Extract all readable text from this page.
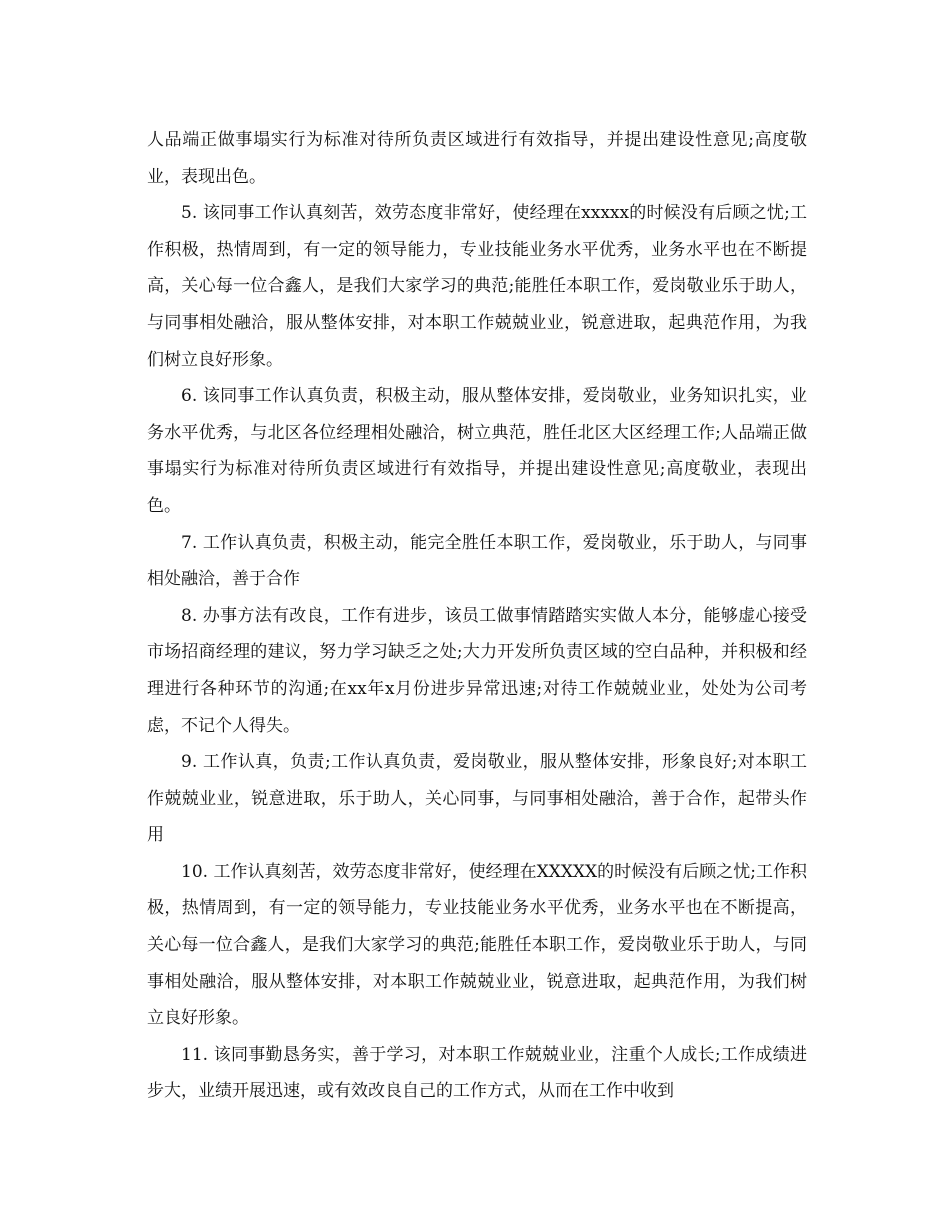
人品端正做事塌实行为标准对待所负责区域进行有效指导，并提出建设性意见;高度敬业，表现出色。

5. 该同事工作认真刻苦，效劳态度非常好，使经理在xxxxx的时候没有后顾之忧;工作积极，热情周到，有一定的领导能力，专业技能业务水平优秀，业务水平也在不断提高，关心每一位合鑫人，是我们大家学习的典范;能胜任本职工作，爱岗敬业乐于助人，与同事相处融洽，服从整体安排，对本职工作兢兢业业，锐意进取，起典范作用，为我们树立良好形象。

6. 该同事工作认真负责，积极主动，服从整体安排，爱岗敬业，业务知识扎实，业务水平优秀，与北区各位经理相处融洽，树立典范，胜任北区大区经理工作;人品端正做事塌实行为标准对待所负责区域进行有效指导，并提出建设性意见;高度敬业，表现出色。

7. 工作认真负责，积极主动，能完全胜任本职工作，爱岗敬业，乐于助人，与同事相处融洽，善于合作

8. 办事方法有改良，工作有进步，该员工做事情踏踏实实做人本分，能够虚心接受市场招商经理的建议，努力学习缺乏之处;大力开发所负责区域的空白品种，并积极和经理进行各种环节的沟通;在xx年x月份进步异常迅速;对待工作兢兢业业，处处为公司考虑，不记个人得失。

9. 工作认真，负责;工作认真负责，爱岗敬业，服从整体安排，形象良好;对本职工作兢兢业业，锐意进取，乐于助人，关心同事，与同事相处融洽，善于合作，起带头作用

10. 工作认真刻苦，效劳态度非常好，使经理在XXXXX的时候没有后顾之忧;工作积极，热情周到，有一定的领导能力，专业技能业务水平优秀，业务水平也在不断提高，关心每一位合鑫人，是我们大家学习的典范;能胜任本职工作，爱岗敬业乐于助人，与同事相处融洽，服从整体安排，对本职工作兢兢业业，锐意进取，起典范作用，为我们树立良好形象。

11. 该同事勤恳务实，善于学习，对本职工作兢兢业业，注重个人成长;工作成绩进步大，业绩开展迅速，或有效改良自己的工作方式，从而在工作中收到
